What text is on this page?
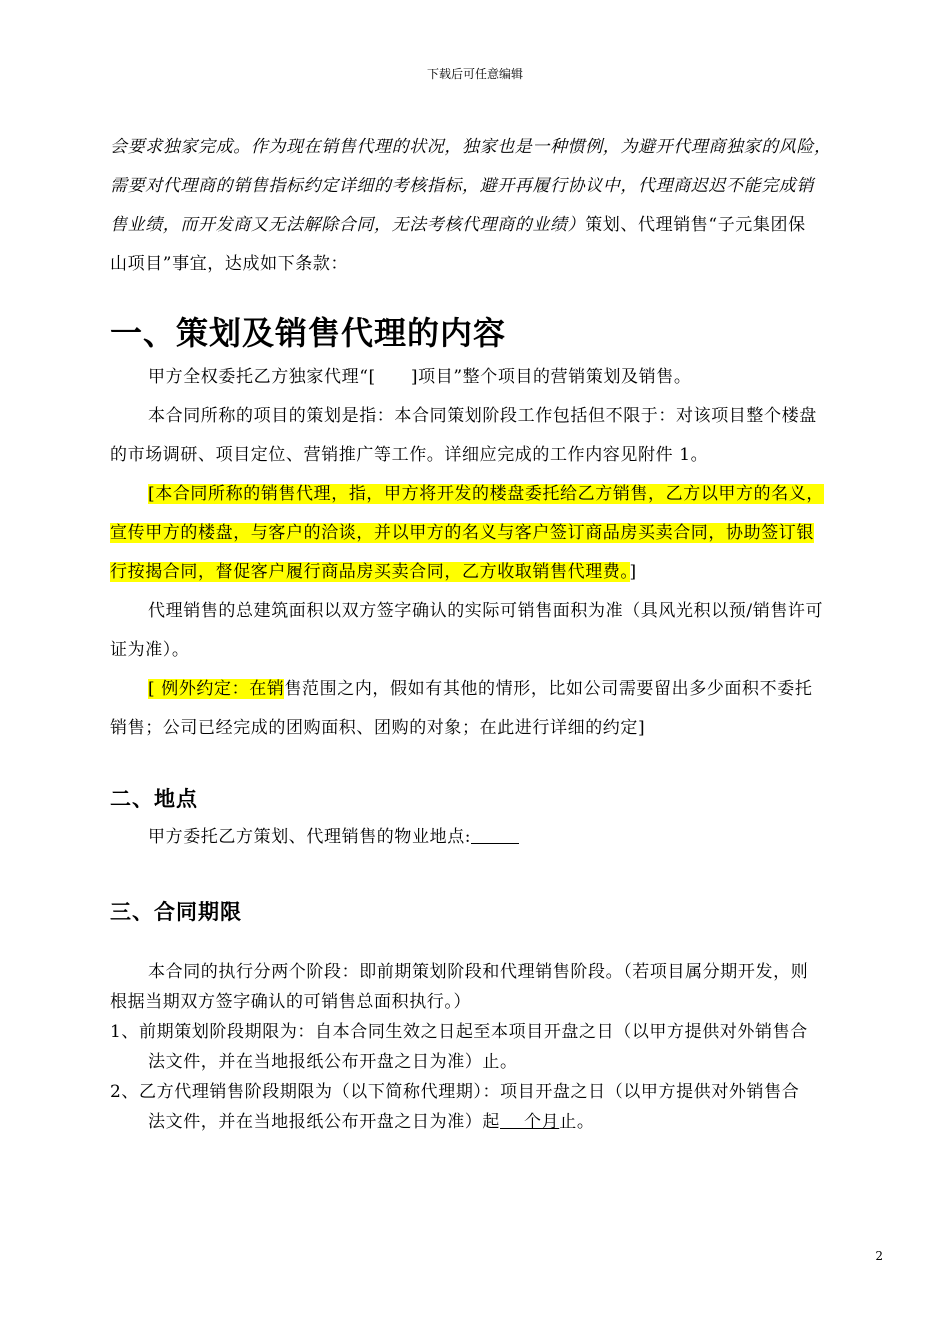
下载后可任意编辑

会要求独家完成。作为现在销售代理的状况，独家也是一种惯例，为避开代理商独家的风险，

需要对代理商的销售指标约定详细的考核指标，避开再履行协议中，代理商迟迟不能完成销

售业绩，而开发商又无法解除合同，无法考核代理商的业绩）策划、代理销售“子元集团保

山项目”事宜，达成如下条款：

一、策划及销售代理的内容

甲方全权委托乙方独家代理“[　　]项目”整个项目的营销策划及销售。

本合同所称的项目的策划是指：本合同策划阶段工作包括但不限于：对该项目整个楼盘

的市场调研、项目定位、营销推广等工作。详细应完成的工作内容见附件 1。

[本合同所称的销售代理，指，甲方将开发的楼盘委托给乙方销售，乙方以甲方的名义，

宣传甲方的楼盘，与客户的洽谈，并以甲方的名义与客户签订商品房买卖合同，协助签订银

行按揭合同，督促客户履行商品房买卖合同，乙方收取销售代理费。]

代理销售的总建筑面积以双方签字确认的实际可销售面积为准（具风光积以预/销售许可

证为准）。

[ 例外约定：在销售范围之内，假如有其他的情形，比如公司需要留出多少面积不委托

销售；公司已经完成的团购面积、团购的对象；在此进行详细的约定]

二、地点

甲方委托乙方策划、代理销售的物业地点:

三、合同期限

本合同的执行分两个阶段：即前期策划阶段和代理销售阶段。（若项目属分期开发，则

根据当期双方签字确认的可销售总面积执行。）

1、前期策划阶段期限为：自本合同生效之日起至本项目开盘之日（以甲方提供对外销售合

法文件，并在当地报纸公布开盘之日为准）止。

2、乙方代理销售阶段期限为（以下简称代理期）：项目开盘之日（以甲方提供对外销售合

法文件，并在当地报纸公布开盘之日为准）起    个月止。

2
